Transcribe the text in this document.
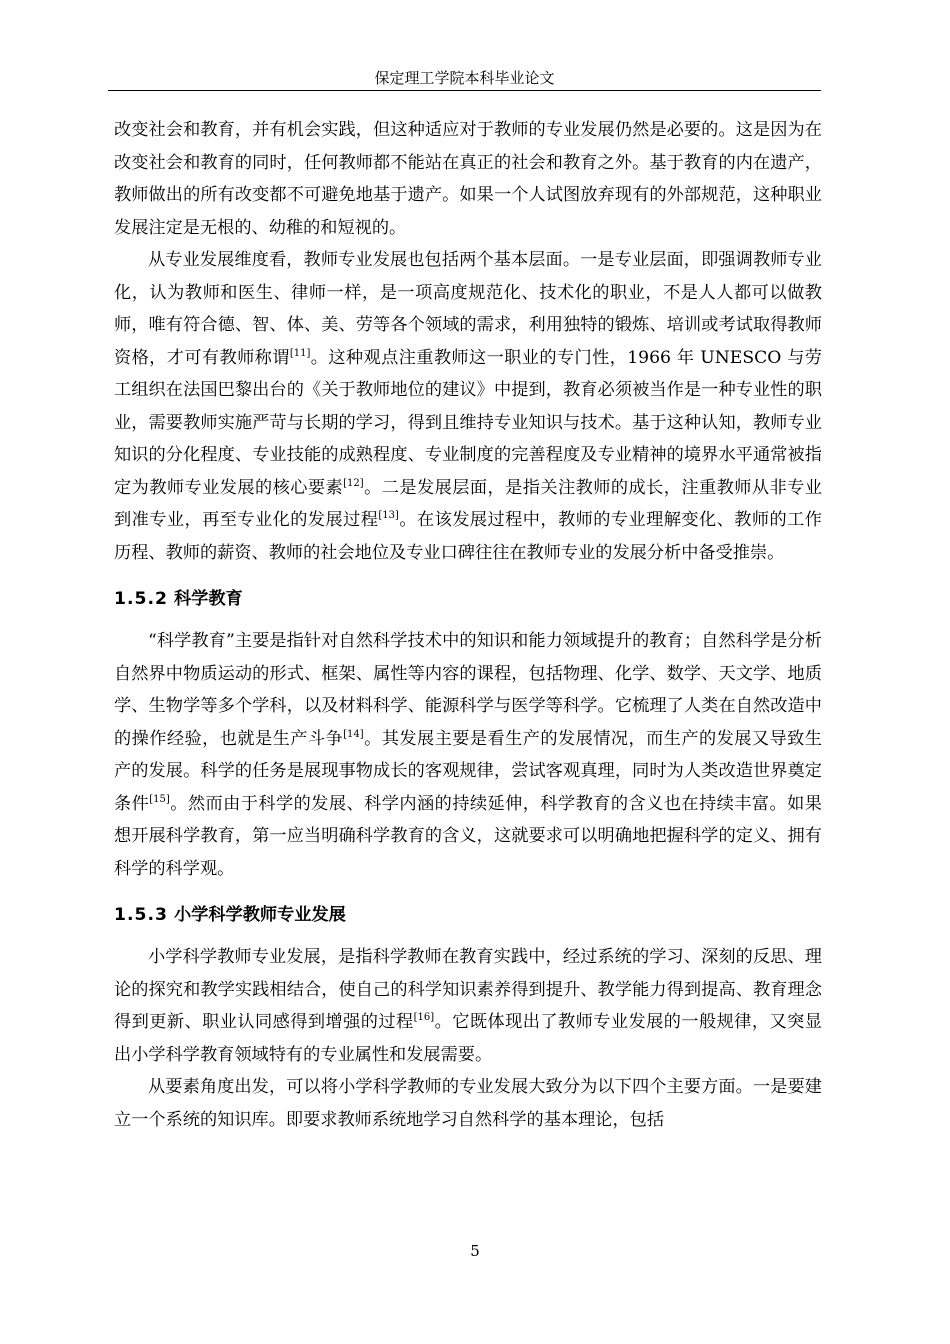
保定理工学院本科毕业论文

改变社会和教育，并有机会实践，但这种适应对于教师的专业发展仍然是必要的。这是因为在改变社会和教育的同时，任何教师都不能站在真正的社会和教育之外。基于教育的内在遗产，教师做出的所有改变都不可避免地基于遗产。如果一个人试图放弃现有的外部规范，这种职业发展注定是无根的、幼稚的和短视的。

从专业发展维度看，教师专业发展也包括两个基本层面。一是专业层面，即强调教师专业化，认为教师和医生、律师一样，是一项高度规范化、技术化的职业，不是人人都可以做教师，唯有符合德、智、体、美、劳等各个领域的需求，利用独特的锻炼、培训或考试取得教师资格，才可有教师称谓[11]。这种观点注重教师这一职业的专门性，1966 年 UNESCO 与劳工组织在法国巴黎出台的《关于教师地位的建议》中提到，教育必须被当作是一种专业性的职业，需要教师实施严苛与长期的学习，得到且维持专业知识与技术。基于这种认知，教师专业知识的分化程度、专业技能的成熟程度、专业制度的完善程度及专业精神的境界水平通常被指定为教师专业发展的核心要素[12]。二是发展层面，是指关注教师的成长，注重教师从非专业到准专业，再至专业化的发展过程[13]。在该发展过程中，教师的专业理解变化、教师的工作历程、教师的薪资、教师的社会地位及专业口碑往往在教师专业的发展分析中备受推崇。

1.5.2 科学教育

“科学教育”主要是指针对自然科学技术中的知识和能力领域提升的教育；自然科学是分析自然界中物质运动的形式、框架、属性等内容的课程，包括物理、化学、数学、天文学、地质学、生物学等多个学科，以及材料科学、能源科学与医学等科学。它梳理了人类在自然改造中的操作经验，也就是生产斗争[14]。其发展主要是看生产的发展情况，而生产的发展又导致生产的发展。科学的任务是展现事物成长的客观规律，尝试客观真理，同时为人类改造世界奠定条件[15]。然而由于科学的发展、科学内涵的持续延伸，科学教育的含义也在持续丰富。如果想开展科学教育，第一应当明确科学教育的含义，这就要求可以明确地把握科学的定义、拥有科学的科学观。

1.5.3 小学科学教师专业发展

小学科学教师专业发展，是指科学教师在教育实践中，经过系统的学习、深刻的反思、理论的探究和教学实践相结合，使自己的科学知识素养得到提升、教学能力得到提高、教育理念得到更新、职业认同感得到增强的过程[16]。它既体现出了教师专业发展的一般规律，又突显出小学科学教育领域特有的专业属性和发展需要。

从要素角度出发，可以将小学科学教师的专业发展大致分为以下四个主要方面。一是要建立一个系统的知识库。即要求教师系统地学习自然科学的基本理论，包括

5
